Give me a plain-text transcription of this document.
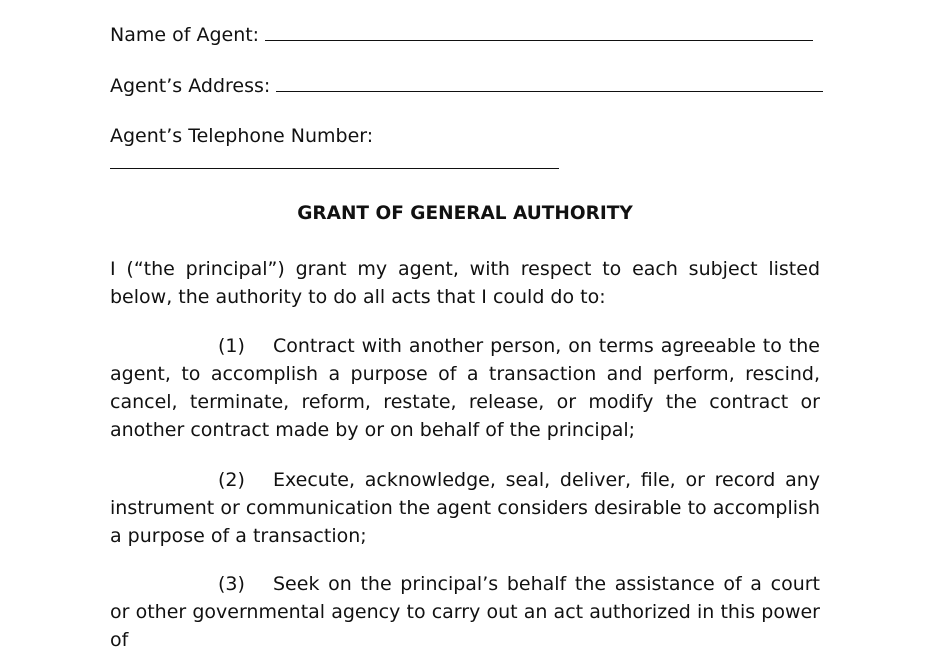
Name of Agent:
Agent’s Address:
Agent’s Telephone Number:
GRANT OF GENERAL AUTHORITY
I (“the principal”) grant my agent, with respect to each subject listed below, the authority to do all acts that I could do to:
(1) Contract with another person, on terms agreeable to the agent, to accomplish a purpose of a transaction and perform, rescind, cancel, terminate, reform, restate, release, or modify the contract or another contract made by or on behalf of the principal;
(2) Execute, acknowledge, seal, deliver, file, or record any instrument or communication the agent considers desirable to accomplish a purpose of a transaction;
(3) Seek on the principal’s behalf the assistance of a court or other governmental agency to carry out an act authorized in this power of
